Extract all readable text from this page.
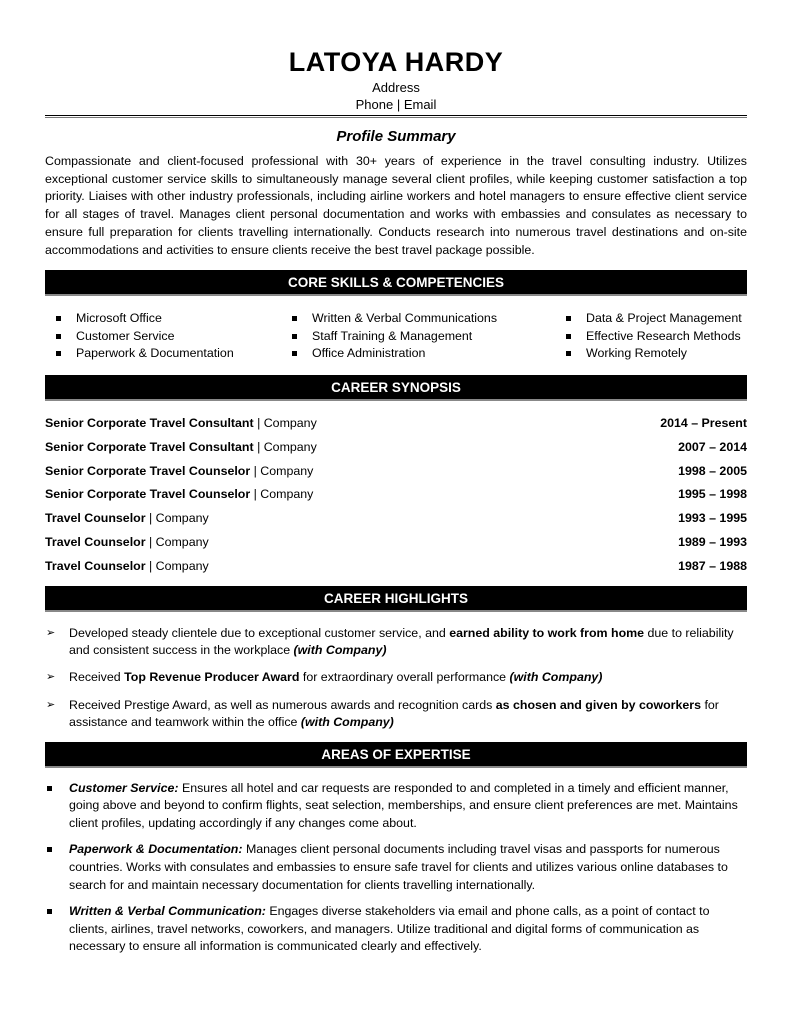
LATOYA HARDY
Address
Phone | Email
Profile Summary

Compassionate and client-focused professional with 30+ years of experience in the travel consulting industry. Utilizes exceptional customer service skills to simultaneously manage several client profiles, while keeping customer satisfaction a top priority. Liaises with other industry professionals, including airline workers and hotel managers to ensure effective client service for all stages of travel. Manages client personal documentation and works with embassies and consulates as necessary to ensure full preparation for clients travelling internationally. Conducts research into numerous travel destinations and on-site accommodations and activities to ensure clients receive the best travel package possible.

CORE SKILLS & COMPETENCIES
Microsoft Office
Customer Service
Paperwork & Documentation
Written & Verbal Communications
Staff Training & Management
Office Administration
Data & Project Management
Effective Research Methods
Working Remotely
CAREER SYNOPSIS
Senior Corporate Travel Consultant | Company	2014 – Present
Senior Corporate Travel Consultant | Company	2007 – 2014
Senior Corporate Travel Counselor | Company	1998 – 2005
Senior Corporate Travel Counselor | Company	1995 – 1998
Travel Counselor | Company	1993 – 1995
Travel Counselor | Company	1989 – 1993
Travel Counselor | Company	1987 – 1988
CAREER HIGHLIGHTS
➢	Developed steady clientele due to exceptional customer service, and earned ability to work from home due to reliability and consistent success in the workplace (with Company)
➢	Received Top Revenue Producer Award for extraordinary overall performance (with Company)
➢	Received Prestige Award, as well as numerous awards and recognition cards as chosen and given by coworkers for assistance and teamwork within the office (with Company)
AREAS OF EXPERTISE
Customer Service: Ensures all hotel and car requests are responded to and completed in a timely and efficient manner, going above and beyond to confirm flights, seat selection, memberships, and ensure client preferences are met. Maintains client profiles, updating accordingly if any changes come about.
Paperwork & Documentation: Manages client personal documents including travel visas and passports for numerous countries. Works with consulates and embassies to ensure safe travel for clients and utilizes various online databases to search for and maintain necessary documentation for clients travelling internationally.
Written & Verbal Communication: Engages diverse stakeholders via email and phone calls, as a point of contact to clients, airlines, travel networks, coworkers, and managers. Utilize traditional and digital forms of communication as necessary to ensure all information is communicated clearly and effectively.
